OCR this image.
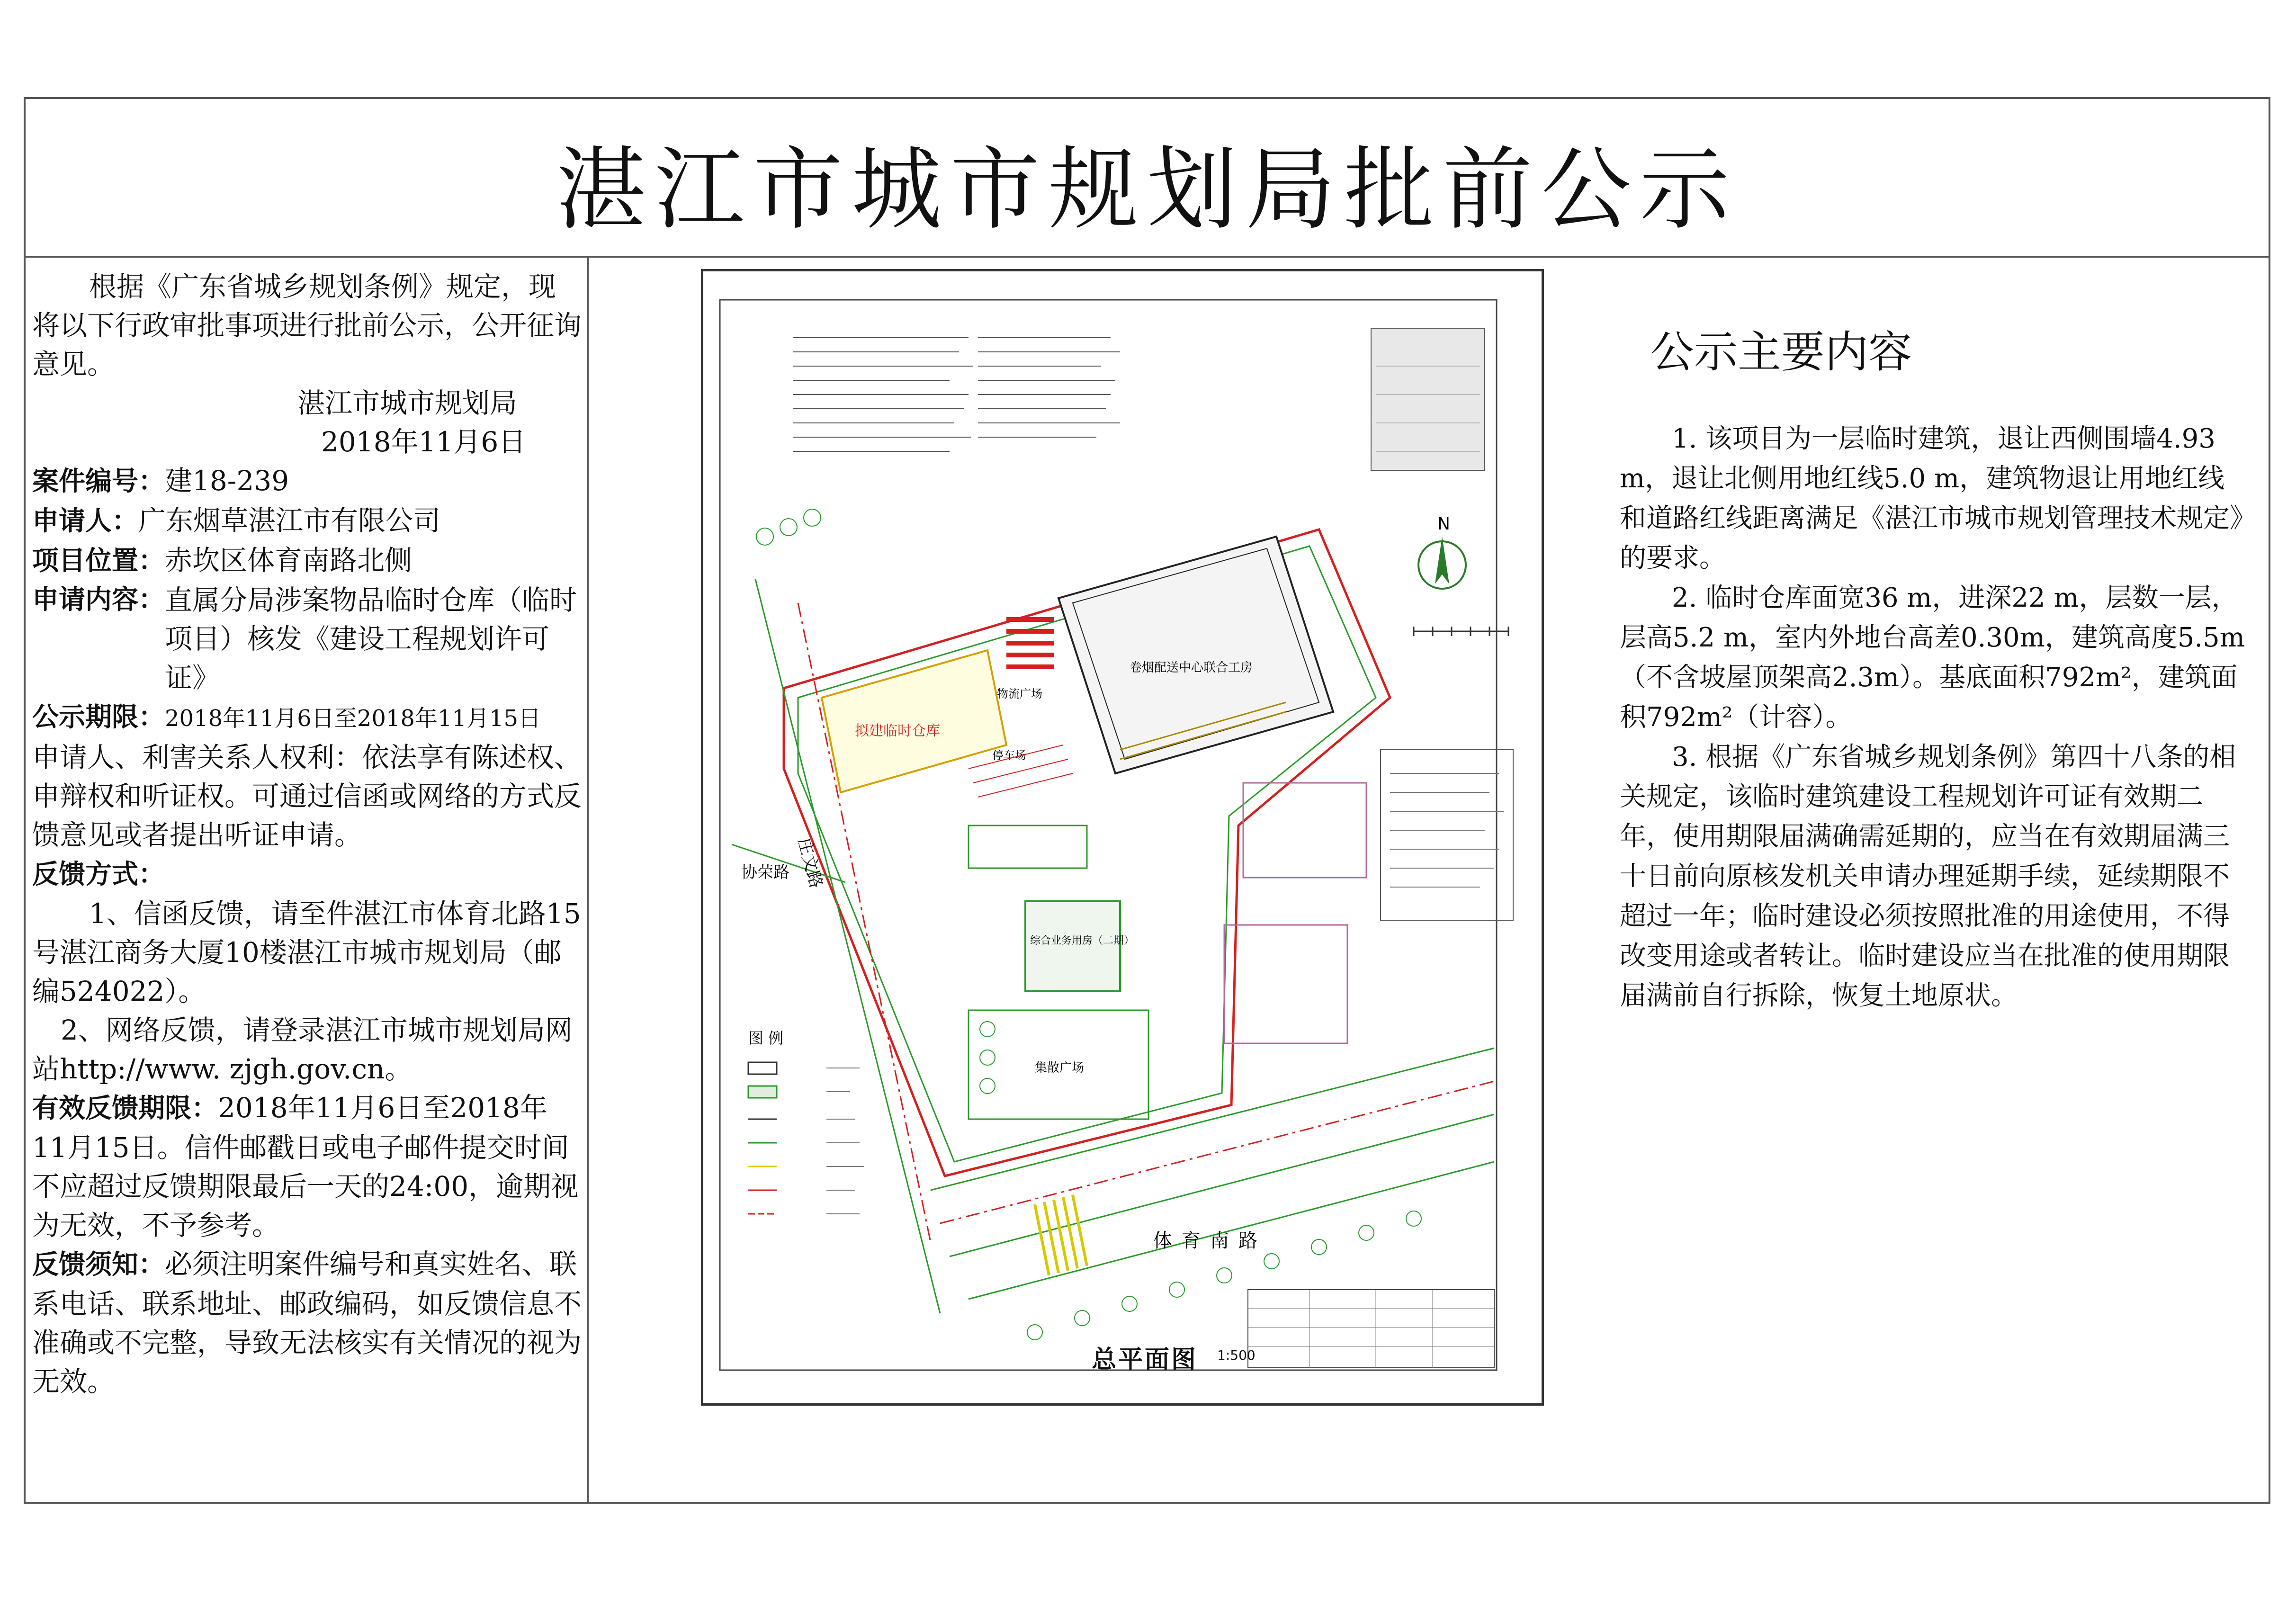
湛江市城市规划局批前公示

根据《广东省城乡规划条例》规定，现将以下行政审批事项进行批前公示，公开征询意见。

湛江市城市规划局

2018年11月6日

案件编号：建18-239

申请人：广东烟草湛江市有限公司

项目位置：赤坎区体育南路北侧

申请内容： 直属分局涉案物品临时仓库（临时项目）核发《建设工程规划许可证》

公示期限：2018年11月6日至2018年11月15日

申请人、利害关系人权利：依法享有陈述权、申辩权和听证权。可通过信函或网络的方式反馈意见或者提出听证申请。

反馈方式：

1、信函反馈，请至件湛江市体育北路15号湛江商务大厦10楼湛江市城市规划局（邮编524022）。

2、网络反馈，请登录湛江市城市规划局网站http://www. zjgh.gov.cn。

有效反馈期限：2018年11月6日至2018年11月15日。信件邮戳日或电子邮件提交时间不应超过反馈期限最后一天的24:00，逾期视为无效，不予参考。

反馈须知：必须注明案件编号和真实姓名、联系电话、联系地址、邮政编码，如反馈信息不准确或不完整，导致无法核实有关情况的视为无效。

N
卷烟配送中心联合工房
拟建临时仓库
物流广场
停车场
综合业务用房（二期）
集散广场
体育南路
庄文路
协荣路
图 例
总平面图 1:500
公示主要内容

1. 该项目为一层临时建筑，退让西侧围墙4.93 m，退让北侧用地红线5.0 m，建筑物退让用地红线和道路红线距离满足《湛江市城市规划管理技术规定》的要求。

2. 临时仓库面宽36 m，进深22 m，层数一层，层高5.2 m，室内外地台高差0.30m，建筑高度5.5m（不含坡屋顶架高2.3m）。基底面积792m²，建筑面积792m²（计容）。

3. 根据《广东省城乡规划条例》第四十八条的相关规定，该临时建筑建设工程规划许可证有效期二年，使用期限届满确需延期的，应当在有效期届满三十日前向原核发机关申请办理延期手续，延续期限不超过一年；临时建设必须按照批准的用途使用，不得改变用途或者转让。临时建设应当在批准的使用期限届满前自行拆除，恢复土地原状。
